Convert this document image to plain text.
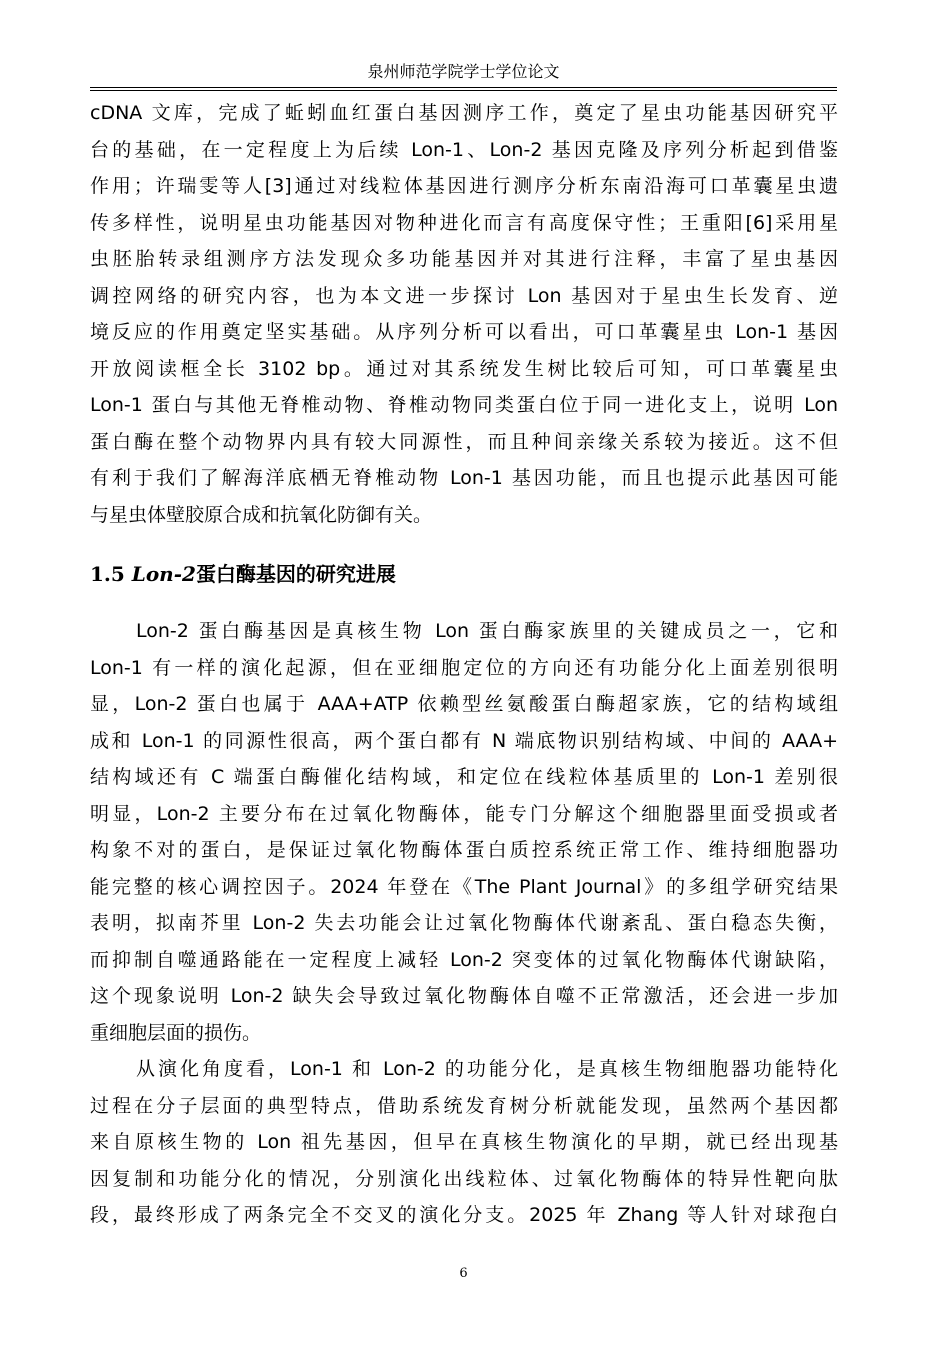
泉州师范学院学士学位论文
cDNA 文库，完成了蚯蚓血红蛋白基因测序工作，奠定了星虫功能基因研究平
台的基础，在一定程度上为后续 Lon-1、Lon-2 基因克隆及序列分析起到借鉴
作用；许瑞雯等人[3]通过对线粒体基因进行测序分析东南沿海可口革囊星虫遗
传多样性，说明星虫功能基因对物种进化而言有高度保守性；王重阳[6]采用星
虫胚胎转录组测序方法发现众多功能基因并对其进行注释，丰富了星虫基因
调控网络的研究内容，也为本文进一步探讨 Lon 基因对于星虫生长发育、逆
境反应的作用奠定坚实基础。从序列分析可以看出，可口革囊星虫 Lon-1 基因
开放阅读框全长 3102 bp。通过对其系统发生树比较后可知，可口革囊星虫
Lon-1 蛋白与其他无脊椎动物、脊椎动物同类蛋白位于同一进化支上，说明 Lon
蛋白酶在整个动物界内具有较大同源性，而且种间亲缘关系较为接近。这不但
有利于我们了解海洋底栖无脊椎动物 Lon-1 基因功能，而且也提示此基因可能
与星虫体壁胶原合成和抗氧化防御有关。
1.5 Lon-2蛋白酶基因的研究进展
Lon-2 蛋白酶基因是真核生物 Lon 蛋白酶家族里的关键成员之一，它和
Lon-1 有一样的演化起源，但在亚细胞定位的方向还有功能分化上面差别很明
显，Lon-2 蛋白也属于 AAA+ATP 依赖型丝氨酸蛋白酶超家族，它的结构域组
成和 Lon-1 的同源性很高，两个蛋白都有 N 端底物识别结构域、中间的 AAA+
结构域还有 C 端蛋白酶催化结构域，和定位在线粒体基质里的 Lon-1 差别很
明显，Lon-2 主要分布在过氧化物酶体，能专门分解这个细胞器里面受损或者
构象不对的蛋白，是保证过氧化物酶体蛋白质控系统正常工作、维持细胞器功
能完整的核心调控因子。2024 年登在《The Plant Journal》的多组学研究结果
表明，拟南芥里 Lon-2 失去功能会让过氧化物酶体代谢紊乱、蛋白稳态失衡，
而抑制自噬通路能在一定程度上减轻 Lon-2 突变体的过氧化物酶体代谢缺陷，
这个现象说明 Lon-2 缺失会导致过氧化物酶体自噬不正常激活，还会进一步加
重细胞层面的损伤。
从演化角度看，Lon-1 和 Lon-2 的功能分化，是真核生物细胞器功能特化
过程在分子层面的典型特点，借助系统发育树分析就能发现，虽然两个基因都
来自原核生物的 Lon 祖先基因，但早在真核生物演化的早期，就已经出现基
因复制和功能分化的情况，分别演化出线粒体、过氧化物酶体的特异性靶向肽
段，最终形成了两条完全不交叉的演化分支。2025 年 Zhang 等人针对球孢白
6
